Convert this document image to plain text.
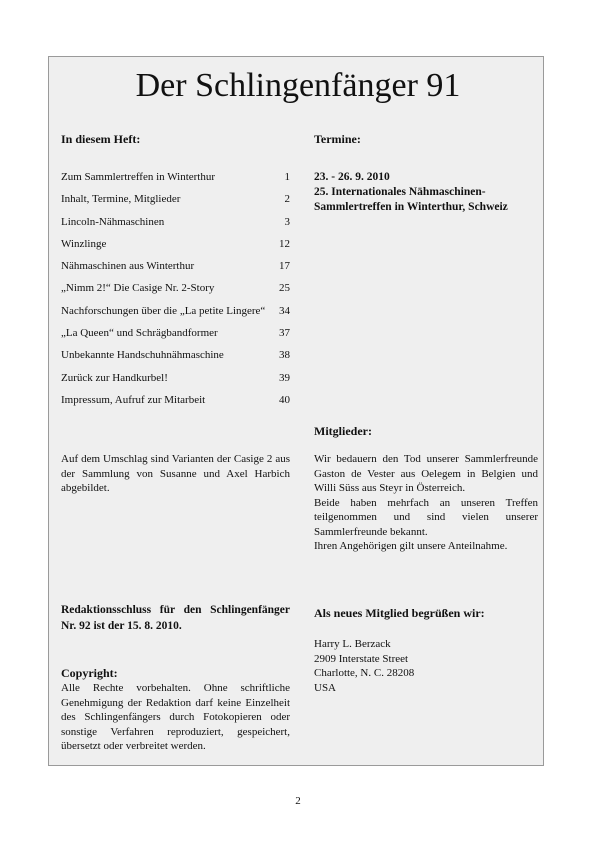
Der Schlingenfänger 91

In diesem Heft:

Zum Sammlertreffen in Winterthur	1
Inhalt, Termine, Mitglieder	2
Lincoln-Nähmaschinen	3
Winzlinge	12
Nähmaschinen aus Winterthur	17
„Nimm 2!“ Die Casige Nr. 2-Story	25
Nachforschungen über die „La petite Lingere“	34
„La Queen“ und Schrägbandformer	37
Unbekannte Handschuhnähmaschine	38
Zurück zur Handkurbel!	39
Impressum, Aufruf zur Mitarbeit	40

Auf dem Umschlag sind Varianten der Casige 2 aus der Sammlung von Susanne und Axel Harbich abgebildet.

Redaktionsschluss für den Schlingenfänger Nr. 92 ist der 15. 8. 2010.

Copyright:

Alle Rechte vorbehalten. Ohne schriftliche Genehmigung der Redaktion darf keine Einzelheit des Schlingenfängers durch Fotokopieren oder sonstige Verfahren reproduziert, gespeichert, übersetzt oder verbreitet werden.

Termine:

23. - 26. 9. 2010

25. Internationales Nähmaschinen-Sammlertreffen in Winterthur, Schweiz

Mitglieder:

Wir bedauern den Tod unserer Sammlerfreunde Gaston de Vester aus Oelegem in Belgien und Willi Süss aus Steyr in Österreich.

Beide haben mehrfach an unseren Treffen teilgenommen und sind vielen unserer Sammlerfreunde bekannt.

Ihren Angehörigen gilt unsere Anteilnahme.

Als neues Mitglied begrüßen wir:

Harry L. Berzack

2909 Interstate Street

Charlotte, N. C. 28208

USA

2
